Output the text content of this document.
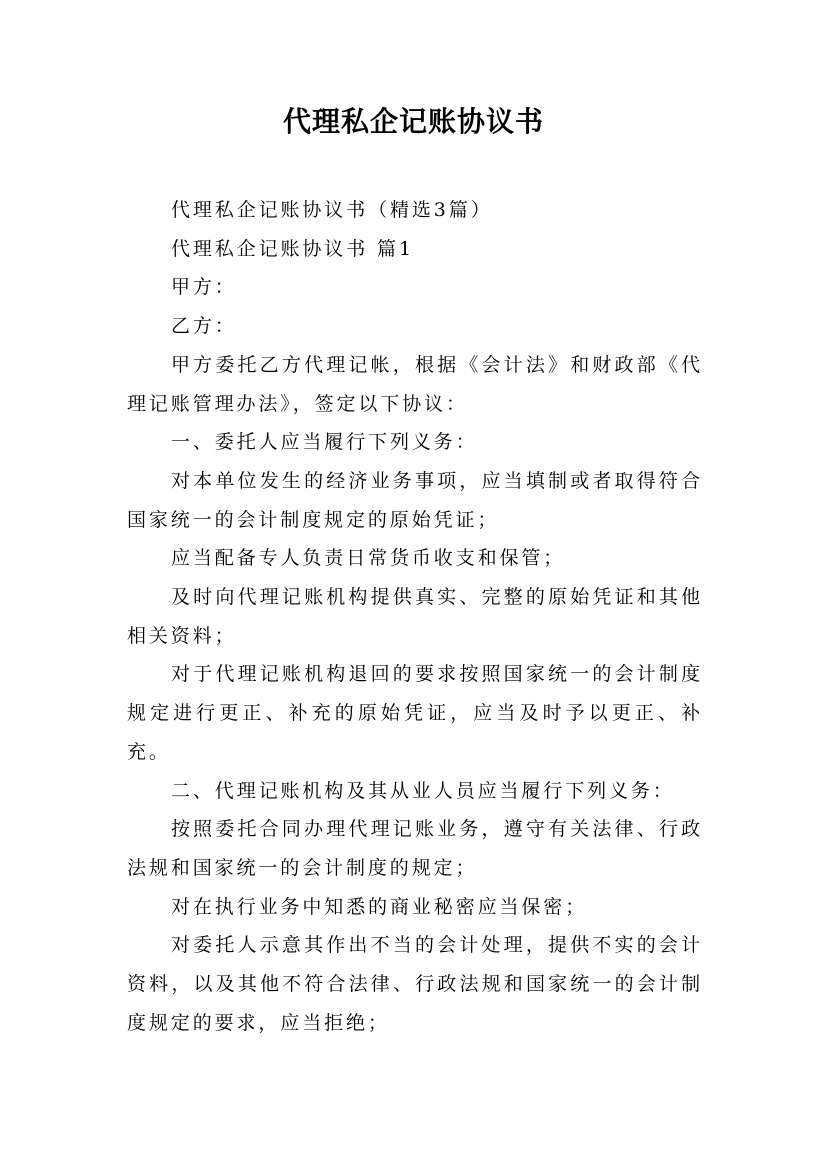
代理私企记账协议书

代理私企记账协议书（精选3篇）

代理私企记账协议书 篇1

甲方：

乙方：

甲方委托乙方代理记帐，根据《会计法》和财政部《代理记账管理办法》，签定以下协议：

一、委托人应当履行下列义务：

对本单位发生的经济业务事项，应当填制或者取得符合国家统一的会计制度规定的原始凭证；

应当配备专人负责日常货币收支和保管；

及时向代理记账机构提供真实、完整的原始凭证和其他相关资料；

对于代理记账机构退回的要求按照国家统一的会计制度规定进行更正、补充的原始凭证，应当及时予以更正、补充。

二、代理记账机构及其从业人员应当履行下列义务：

按照委托合同办理代理记账业务，遵守有关法律、行政法规和国家统一的会计制度的规定；

对在执行业务中知悉的商业秘密应当保密；

对委托人示意其作出不当的会计处理，提供不实的会计资料，以及其他不符合法律、行政法规和国家统一的会计制度规定的要求，应当拒绝；
